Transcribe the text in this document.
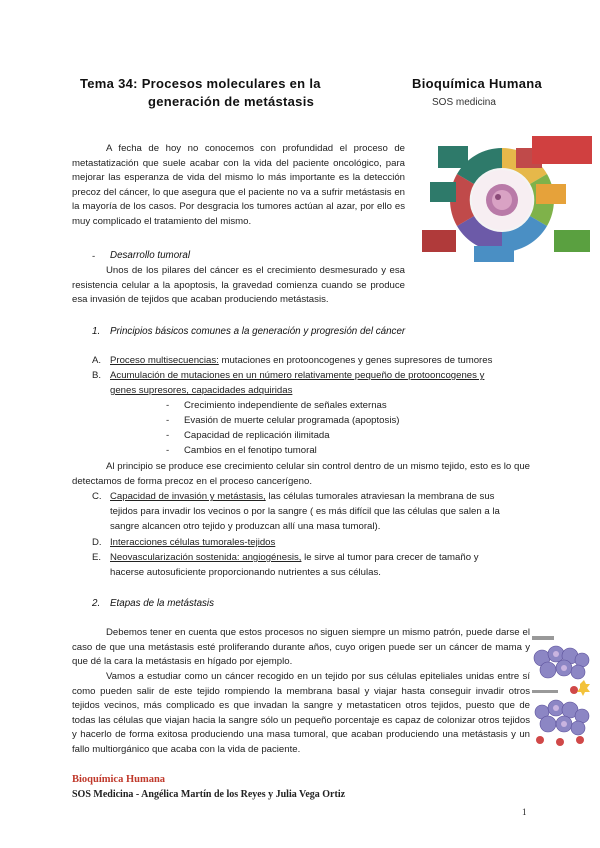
Tema 34: Procesos moleculares en la
generación de metástasis
Bioquímica Humana
SOS medicina
A fecha de hoy no conocemos con profundidad el proceso de metastatización que suele acabar con la vida del paciente oncológico, para mejorar las esperanza de vida del mismo lo más importante es la detección precoz del cáncer, lo que asegura que el paciente no va a sufrir metástasis en la mayoría de los casos. Por desgracia los tumores actúan al azar, por ello es muy complicado el tratamiento del mismo.
- Desarrollo tumoral
Unos de los pilares del cáncer es el crecimiento desmesurado y esa resistencia celular a la apoptosis, la gravedad comienza cuando se produce esa invasión de tejidos que acaban produciendo metástasis.
1. Principios básicos comunes a la generación y progresión del cáncer
A. Proceso multisecuencias: mutaciones en protooncogenes y genes supresores de tumores
B. Acumulación de mutaciones en un número relativamente pequeño de protooncogenes y
genes supresores, capacidades adquiridas
- Crecimiento independiente de señales externas
- Evasión de muerte celular programada (apoptosis)
- Capacidad de replicación ilimitada
- Cambios en el fenotipo tumoral
Al principio se produce ese crecimiento celular sin control dentro de un mismo tejido, esto es lo que detectamos de forma precoz en el proceso cancerígeno.
C. Capacidad de invasión y metástasis, las células tumorales atraviesan la membrana de sus
tejidos para invadir los vecinos o por la sangre ( es más difícil que las células que salen a la
sangre alcancen otro tejido y produzcan allí una masa tumoral).
D. Interacciones células tumorales-tejidos
E. Neovascularización sostenida: angiogénesis, le sirve al tumor para crecer de tamaño y
hacerse autosuficiente proporcionando nutrientes a sus células.
2. Etapas de la metástasis
Debemos tener en cuenta que estos procesos no siguen siempre un mismo patrón, puede darse el caso de que una metástasis esté proliferando durante años, cuyo origen puede ser un cáncer de mama y que dé la cara la metástasis en hígado por ejemplo.
Vamos a estudiar como un cáncer recogido en un tejido por sus células epiteliales unidas entre sí como pueden salir de este tejido rompiendo la membrana basal y viajar hasta conseguir invadir otros tejidos vecinos, más complicado es que invadan la sangre y metastaticen otros tejidos, puesto que de todas las células que viajan hacia la sangre sólo un pequeño porcentaje es capaz de colonizar otros tejidos y hacerlo de forma exitosa produciendo una masa tumoral, que acaban produciendo una metástasis y un fallo multiorgánico que acaba con la vida de paciente.
Bioquímica Humana
SOS Medicina - Angélica Martín de los Reyes y Julia Vega Ortiz
1
